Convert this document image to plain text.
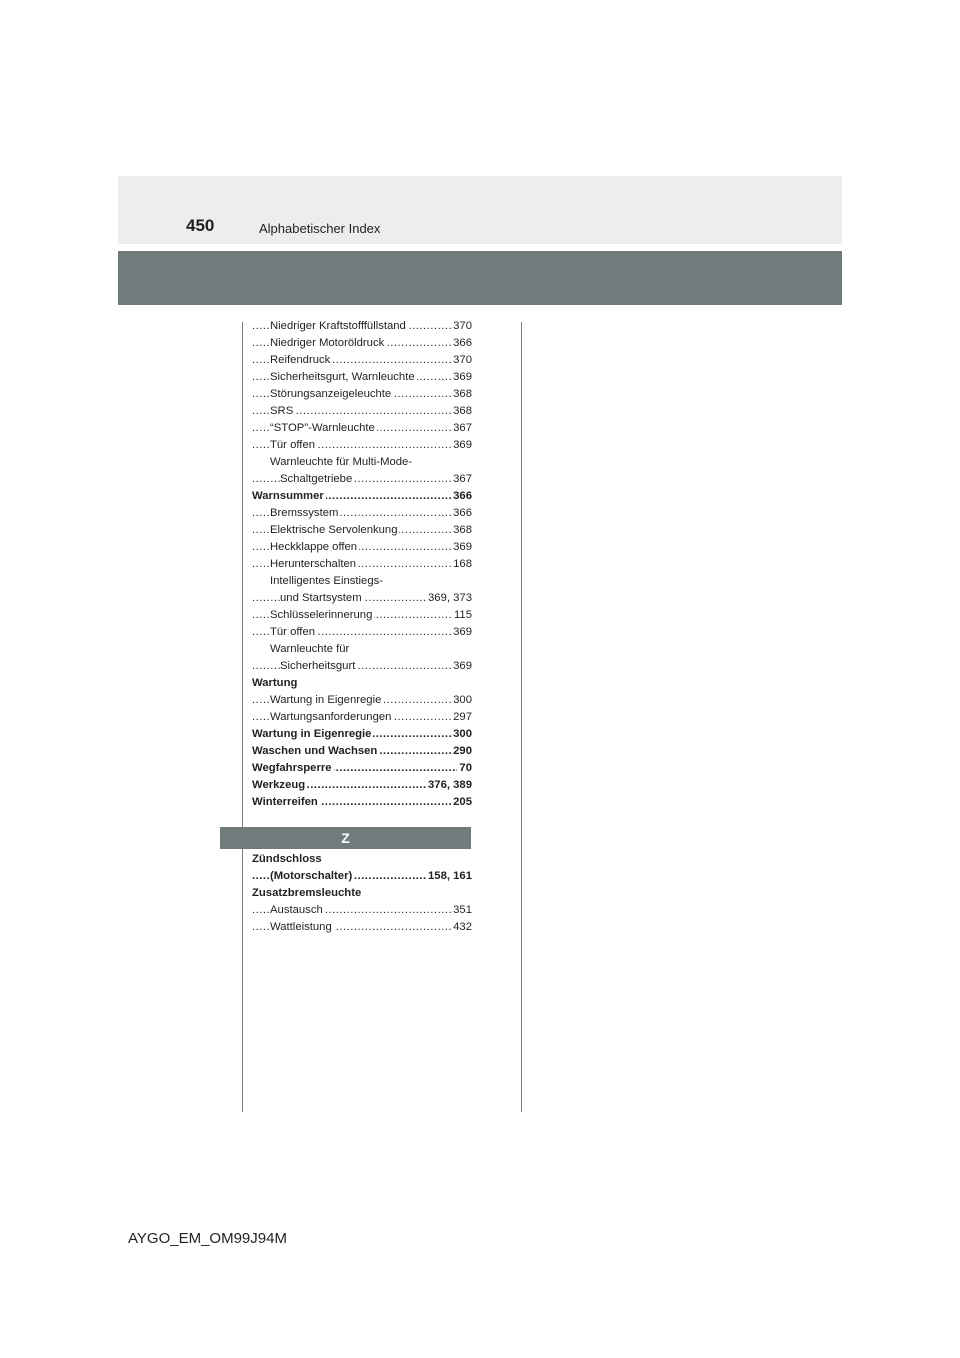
450	Alphabetischer Index
.....
Niedriger Kraftstofffüllstand	370
.....
Niedriger Motoröldruck	366
.....
Reifendruck	370
.....
Sicherheitsgurt, Warnleuchte	369
.....
Störungsanzeigeleuchte	368
.....
SRS	368
.....
“STOP”-Warnleuchte	367
.....
Tür offen	369
Warnleuchte für Multi-Mode-
.....
Schaltgetriebe	367
.....
Warnsummer	366
.....
Bremssystem	366
.....
Elektrische Servolenkung	368
.....
Heckklappe offen	369
.....
Herunterschalten	168
Intelligentes Einstiegs-
.....
und Startsystem	369, 373
.....
Schlüsselerinnerung	115
.....
Tür offen	369
Warnleuchte für
.....
Sicherheitsgurt	369
Wartung
.....
Wartung in Eigenregie	300
.....
Wartungsanforderungen	297
.....
Wartung in Eigenregie	300
.....
Waschen und Wachsen	290
.....
Wegfahrsperre	70
.....
Werkzeug	376, 389
.....
Winterreifen	205
Z
Zündschloss
.....
(Motorschalter)	158, 161
Zusatzbremsleuchte
.....
Austausch	351
.....
Wattleistung	432
AYGO_EM_OM99J94M
